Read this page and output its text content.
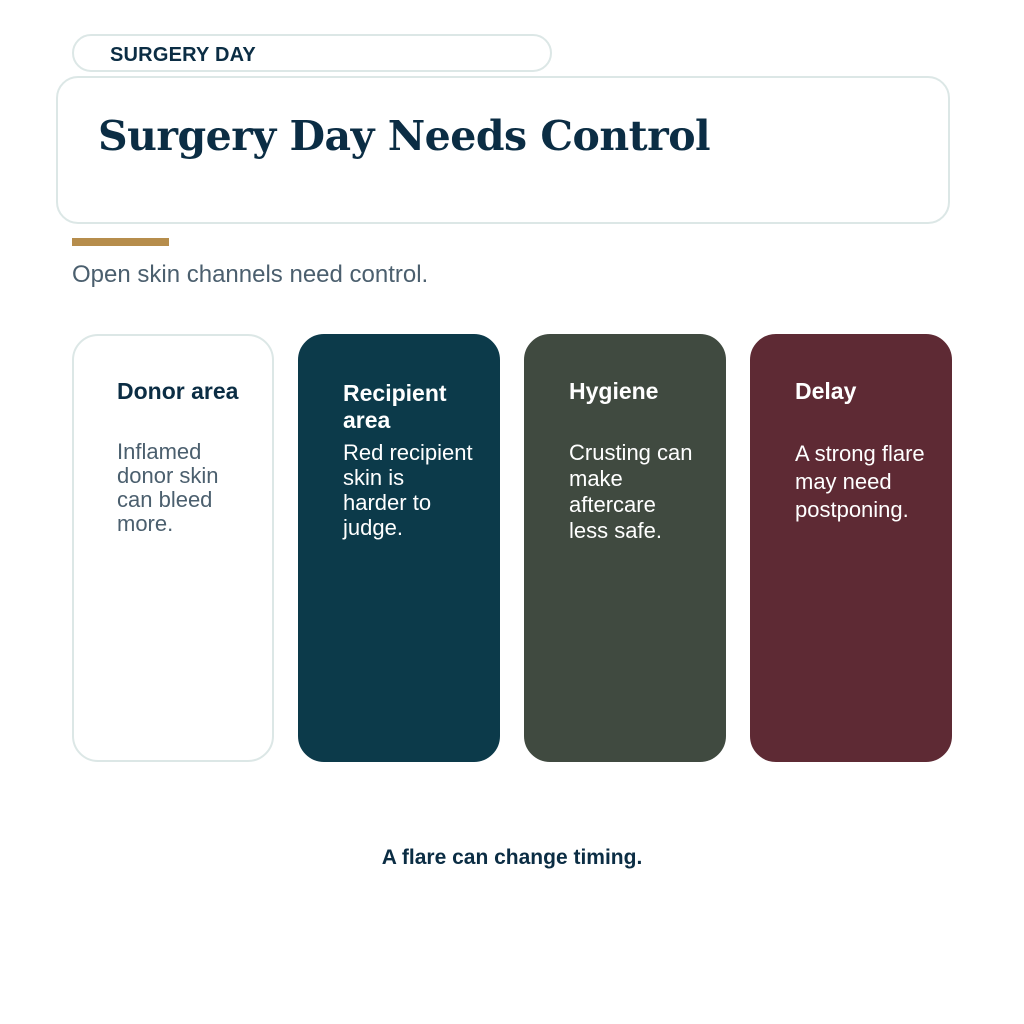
SURGERY DAY
Surgery Day Needs Control
Open skin channels need control.
Donor area
Inflamed donor skin can bleed more.
Recipient area
Red recipient skin is harder to judge.
Hygiene
Crusting can make aftercare less safe.
Delay
A strong flare may need postponing.
A flare can change timing.
